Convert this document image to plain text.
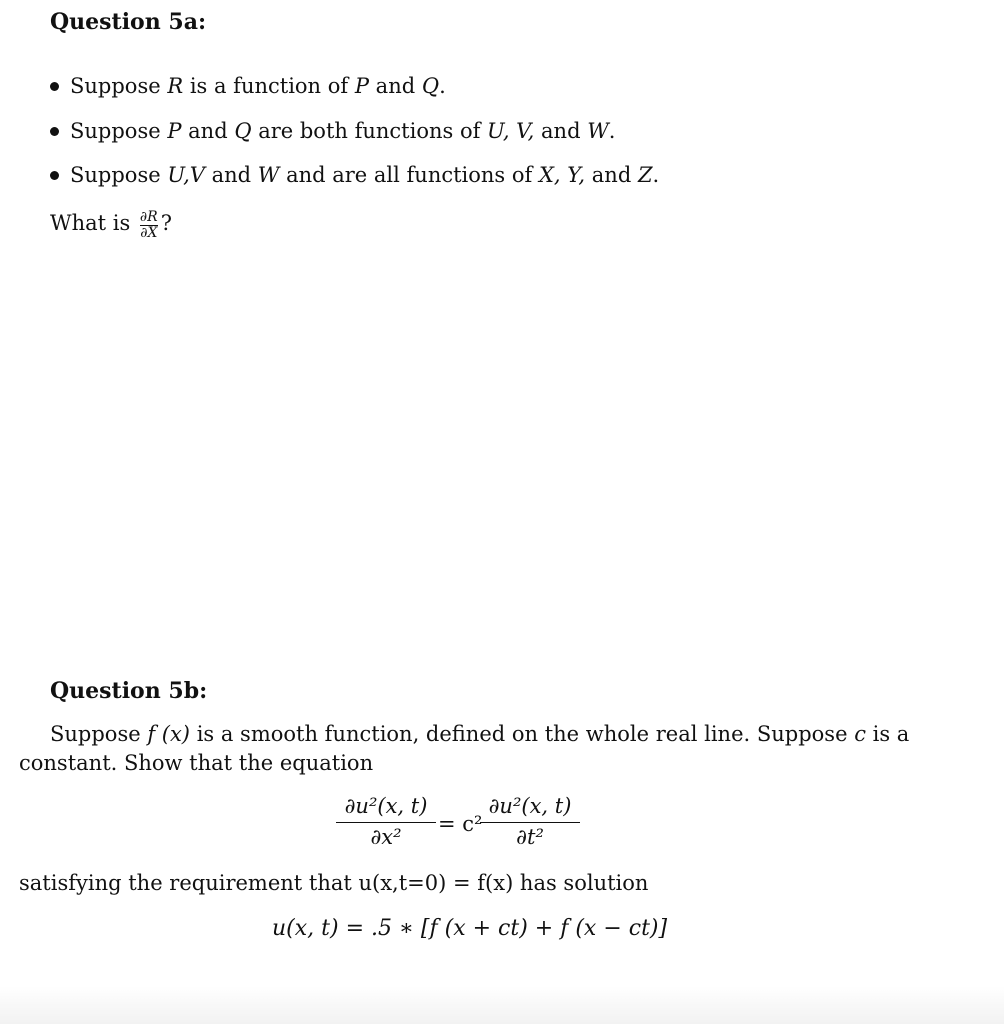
Question 5a:

Suppose R is a function of P and Q.

Suppose P and Q are both functions of U, V, and W.

Suppose U,V and W and are all functions of X, Y, and Z.

What is $\frac{\partial R}{\partial X}$ ?

Question 5b:

Suppose f (x) is a smooth function, defined on the whole real line. Suppose c is a

constant. Show that the equation

$\frac{\text{∂u²(x, t)}}{\text{∂x²}} = c^2$
$\frac{\text{∂u²(x, t)}}{\text{∂t²}}$

satisfying the requirement that u(x,t=0) = f(x) has solution

u(x, t) = .5 ∗ [f (x + ct) + f (x − ct)]
